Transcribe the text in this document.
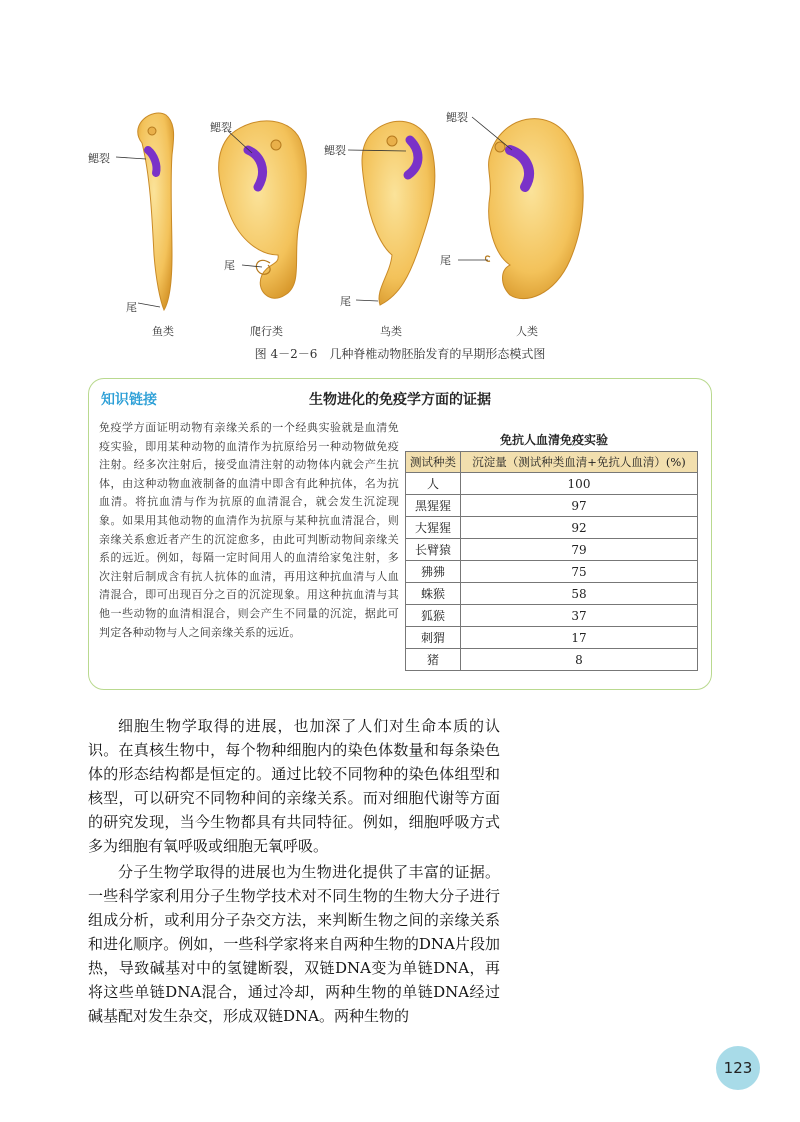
鳃裂
尾
鳃裂
尾
鳃裂
尾
鳃裂
尾
鱼类	爬行类	鸟类	人类
图 4－2－6　几种脊椎动物胚胎发育的早期形态模式图
知识链接	生物进化的免疫学方面的证据
免疫学方面证明动物有亲缘关系的一个经典实验就是血清免疫实验，即用某种动物的血清作为抗原给另一种动物做免疫注射。经多次注射后，接受血清注射的动物体内就会产生抗体，由这种动物血液制备的血清中即含有此种抗体，名为抗血清。将抗血清与作为抗原的血清混合，就会发生沉淀现象。如果用其他动物的血清作为抗原与某种抗血清混合，则亲缘关系愈近者产生的沉淀愈多，由此可判断动物间亲缘关系的远近。例如，每隔一定时间用人的血清给家兔注射，多次注射后制成含有抗人抗体的血清，再用这种抗血清与人血清混合，即可出现百分之百的沉淀现象。用这种抗血清与其他一些动物的血清相混合，则会产生不同量的沉淀，据此可判定各种动物与人之间亲缘关系的远近。
免抗人血清免疫实验
测试种类	沉淀量（测试种类血清+免抗人血清）(%)
人	100
黑猩猩	97
大猩猩	92
长臂猿	79
狒狒	75
蛛猴	58
狐猴	37
刺猬	17
猪	8

细胞生物学取得的进展，也加深了人们对生命本质的认识。在真核生物中，每个物种细胞内的染色体数量和每条染色体的形态结构都是恒定的。通过比较不同物种的染色体组型和核型，可以研究不同物种间的亲缘关系。而对细胞代谢等方面的研究发现，当今生物都具有共同特征。例如，细胞呼吸方式多为细胞有氧呼吸或细胞无氧呼吸。

分子生物学取得的进展也为生物进化提供了丰富的证据。一些科学家利用分子生物学技术对不同生物的生物大分子进行组成分析，或利用分子杂交方法，来判断生物之间的亲缘关系和进化顺序。例如，一些科学家将来自两种生物的DNA片段加热，导致碱基对中的氢键断裂，双链DNA变为单链DNA，再将这些单链DNA混合，通过冷却，两种生物的单链DNA经过碱基配对发生杂交，形成双链DNA。两种生物的

123
